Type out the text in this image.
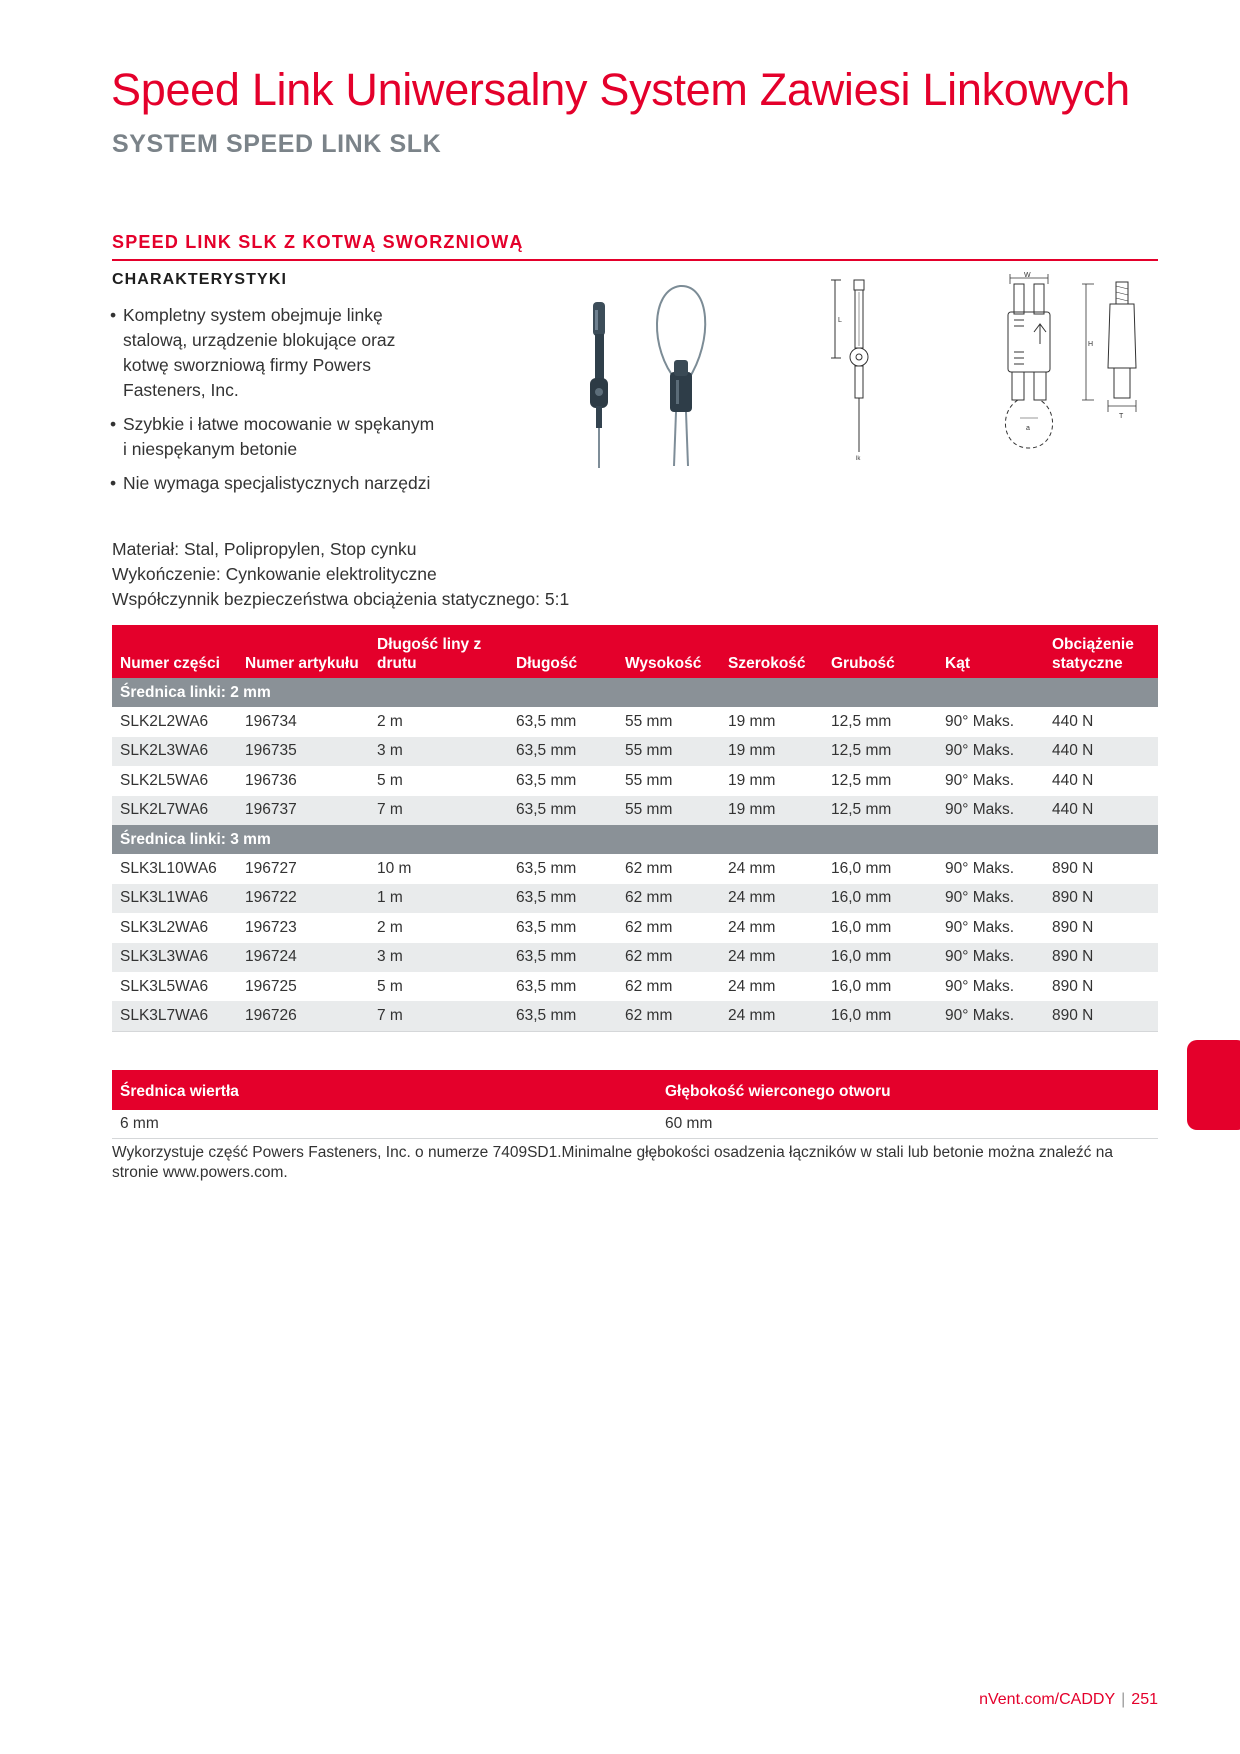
Speed Link Uniwersalny System Zawiesi Linkowych
SYSTEM SPEED LINK SLK
SPEED LINK SLK Z KOTWĄ SWORZNIOWĄ
CHARAKTERYSTYKI
• Kompletny system obejmuje linkę stalową, urządzenie blokujące oraz kotwę sworzniową firmy Powers Fasteners, Inc.
• Szybkie i łatwe mocowanie w spękanym i niespękanym betonie
• Nie wymaga specjalistycznych narzędzi
Materiał: Stal, Polipropylen, Stop cynku
Wykończenie: Cynkowanie elektrolityczne
Współczynnik bezpieczeństwa obciążenia statycznego: 5:1
L
lk
W
a
H
T
Numer części	Numer artykułu	Długość liny z drutu	Długość	Wysokość	Szerokość	Grubość	Kąt	Obciążenie statyczne
Średnica linki: 2 mm								
SLK2L2WA6	196734	2 m	63,5 mm	55 mm	19 mm	12,5 mm	90° Maks.	440 N
SLK2L3WA6	196735	3 m	63,5 mm	55 mm	19 mm	12,5 mm	90° Maks.	440 N
SLK2L5WA6	196736	5 m	63,5 mm	55 mm	19 mm	12,5 mm	90° Maks.	440 N
SLK2L7WA6	196737	7 m	63,5 mm	55 mm	19 mm	12,5 mm	90° Maks.	440 N
Średnica linki: 3 mm								
SLK3L10WA6	196727	10 m	63,5 mm	62 mm	24 mm	16,0 mm	90° Maks.	890 N
SLK3L1WA6	196722	1 m	63,5 mm	62 mm	24 mm	16,0 mm	90° Maks.	890 N
SLK3L2WA6	196723	2 m	63,5 mm	62 mm	24 mm	16,0 mm	90° Maks.	890 N
SLK3L3WA6	196724	3 m	63,5 mm	62 mm	24 mm	16,0 mm	90° Maks.	890 N
SLK3L5WA6	196725	5 m	63,5 mm	62 mm	24 mm	16,0 mm	90° Maks.	890 N
SLK3L7WA6	196726	7 m	63,5 mm	62 mm	24 mm	16,0 mm	90° Maks.	890 N
Średnica wiertła	Głębokość wierconego otworu
6 mm	60 mm
Wykorzystuje część Powers Fasteners, Inc. o numerze 7409SD1.Minimalne głębokości osadzenia łączników w stali lub betonie można znaleźć na stronie www.powers.com.
nVent.com/CADDY | 251
